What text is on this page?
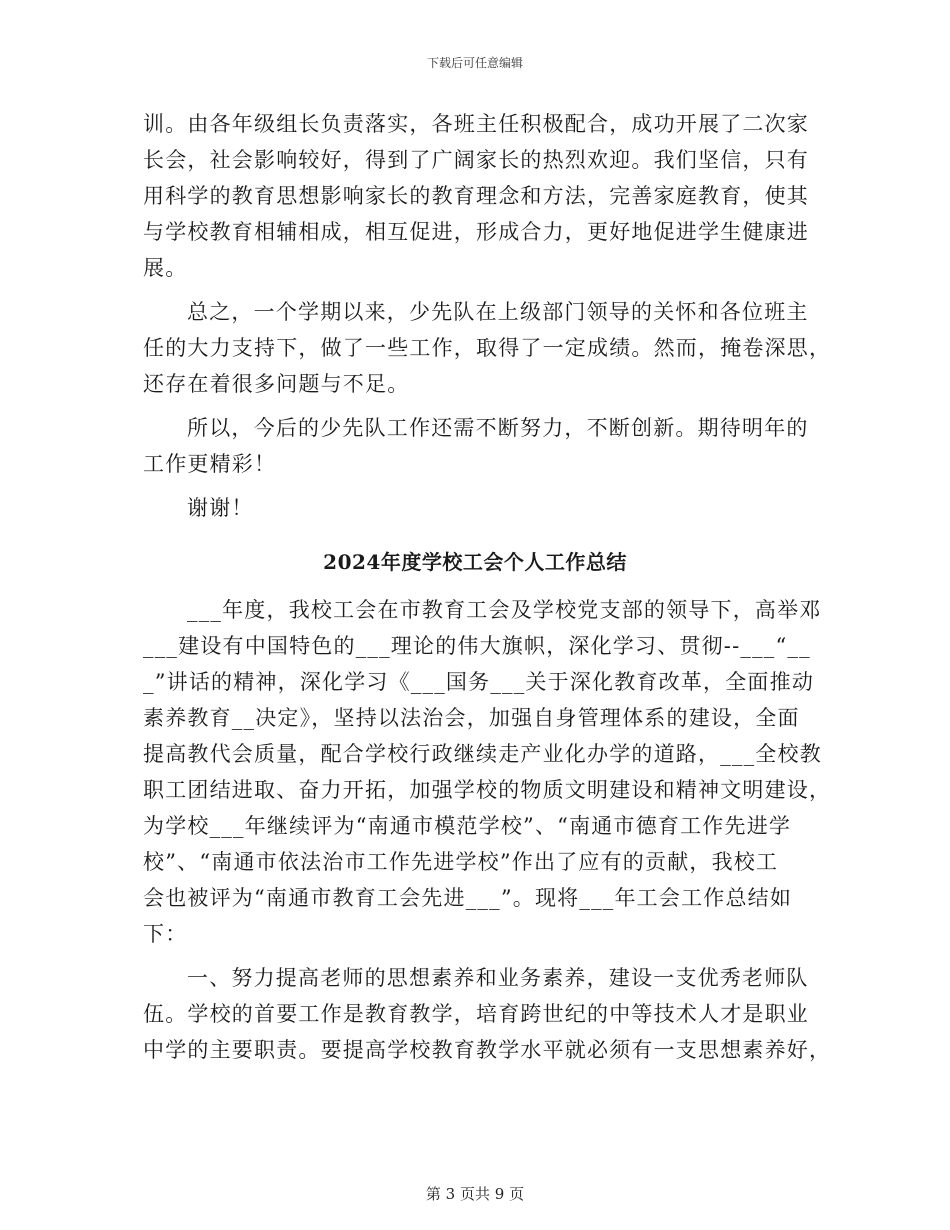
下载后可任意编辑
训。由各年级组长负责落实，各班主任积极配合，成功开展了二次家
长会，社会影响较好，得到了广阔家长的热烈欢迎。我们坚信，只有
用科学的教育思想影响家长的教育理念和方法，完善家庭教育，使其
与学校教育相辅相成，相互促进，形成合力，更好地促进学生健康进
展。
总之，一个学期以来，少先队在上级部门领导的关怀和各位班主
任的大力支持下，做了一些工作，取得了一定成绩。然而，掩卷深思，
还存在着很多问题与不足。
所以，今后的少先队工作还需不断努力，不断创新。期待明年的
工作更精彩！
谢谢！
2024年度学校工会个人工作总结
___年度，我校工会在市教育工会及学校党支部的领导下，高举邓
___建设有中国特色的___理论的伟大旗帜，深化学习、贯彻--___“__
_”讲话的精神，深化学习《___国务___关于深化教育改革，全面推动
素养教育__决定》，坚持以法治会，加强自身管理体系的建设，全面
提高教代会质量，配合学校行政继续走产业化办学的道路，___全校教
职工团结进取、奋力开拓，加强学校的物质文明建设和精神文明建设，
为学校___年继续评为“南通市模范学校”、“南通市德育工作先进学
校”、“南通市依法治市工作先进学校”作出了应有的贡献，我校工
会也被评为“南通市教育工会先进___”。现将___年工会工作总结如
下：
一、努力提高老师的思想素养和业务素养，建设一支优秀老师队
伍。学校的首要工作是教育教学，培育跨世纪的中等技术人才是职业
中学的主要职责。要提高学校教育教学水平就必须有一支思想素养好，
第 3 页共 9 页
